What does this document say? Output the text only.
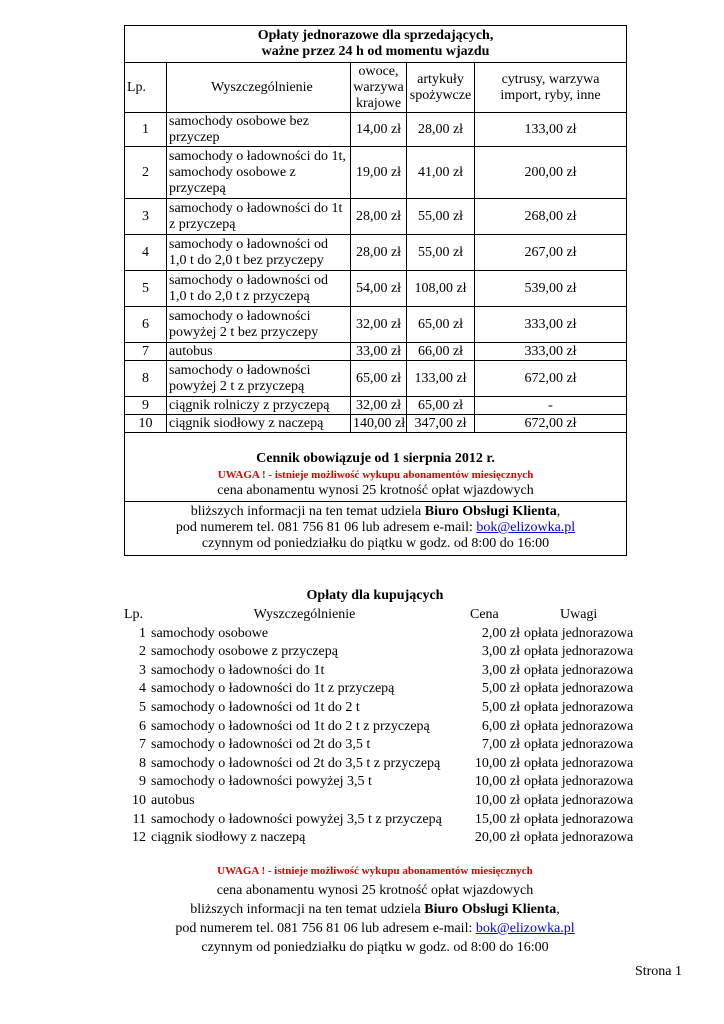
Opłaty jednorazowe dla sprzedających,
ważne przez 24 h od momentu wjazdu				

Lp.	Wyszczególnienie	owoce, warzywa krajowe	artykuły spożywcze	cytrusy, warzywa import, ryby, inne
1	samochody osobowe bez przyczep	14,00 zł	28,00 zł	133,00 zł
2	samochody o ładowności do 1t, samochody osobowe z przyczepą	19,00 zł	41,00 zł	200,00 zł
3	samochody o ładowności do 1t z przyczepą	28,00 zł	55,00 zł	268,00 zł
4	samochody o ładowności od 1,0 t do 2,0 t bez przyczepy	28,00 zł	55,00 zł	267,00 zł
5	samochody o ładowności od 1,0 t do 2,0 t z przyczepą	54,00 zł	108,00 zł	539,00 zł
6	samochody o ładowności powyżej 2 t bez przyczepy	32,00 zł	65,00 zł	333,00 zł
7	autobus	33,00 zł	66,00 zł	333,00 zł
8	samochody o ładowności powyżej 2 t z przyczepą	65,00 zł	133,00 zł	672,00 zł
9	ciągnik rolniczy z przyczepą	32,00 zł	65,00 zł	-
10	ciągnik siodłowy z naczepą	140,00 zł	347,00 zł	672,00 zł

Cennik obowiązuje od 1 sierpnia 2012 r.
UWAGA ! - istnieje możliwość wykupu abonamentów miesięcznych
cena abonamentu wynosi 25 krotność opłat wjazdowych				

bliższych informacji na ten temat udziela Biuro Obsługi Klienta,
pod numerem tel. 081 756 81 06 lub adresem e-mail: bok@elizowka.pl
czynnym od poniedziałku do piątku w godz. od 8:00 do 16:00				
Opłaty dla kupujących
Lp.	Wyszczególnienie	Cena	Uwagi
1	samochody osobowe	2,00 zł	opłata jednorazowa
2	samochody osobowe z przyczepą	3,00 zł	opłata jednorazowa
3	samochody o ładowności do 1t	3,00 zł	opłata jednorazowa
4	samochody o ładowności do 1t z przyczepą	5,00 zł	opłata jednorazowa
5	samochody o ładowności od 1t do 2 t	5,00 zł	opłata jednorazowa
6	samochody o ładowności od 1t do 2 t z przyczepą	6,00 zł	opłata jednorazowa
7	samochody o ładowności od 2t do 3,5 t	7,00 zł	opłata jednorazowa
8	samochody o ładowności od 2t do 3,5 t z przyczepą	10,00 zł	opłata jednorazowa
9	samochody o ładowności powyżej 3,5 t	10,00 zł	opłata jednorazowa
10	autobus	10,00 zł	opłata jednorazowa
11	samochody o ładowności powyżej 3,5 t z przyczepą	15,00 zł	opłata jednorazowa
12	ciągnik siodłowy z naczepą	20,00 zł	opłata jednorazowa
UWAGA ! - istnieje możliwość wykupu abonamentów miesięcznych
cena abonamentu wynosi 25 krotność opłat wjazdowych
bliższych informacji na ten temat udziela Biuro Obsługi Klienta,
pod numerem tel. 081 756 81 06 lub adresem e-mail: bok@elizowka.pl
czynnym od poniedziałku do piątku w godz. od 8:00 do 16:00
Strona 1
